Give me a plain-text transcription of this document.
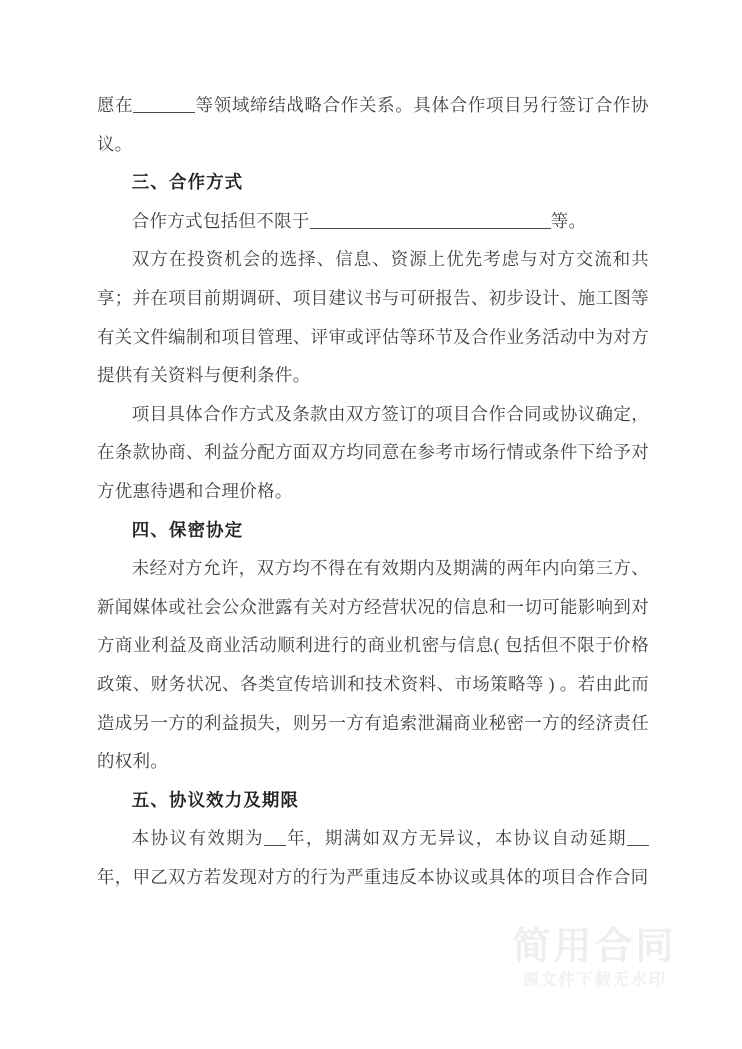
愿在	等领域缔结战略合作关系。具体合作项目另行签订合作协议。

三、合作方式

合作方式包括但不限于	等。

双方在投资机会的选择、信息、资源上优先考虑与对方交流和共享；并在项目前期调研、项目建议书与可研报告、初步设计、施工图等有关文件编制和项目管理、评审或评估等环节及合作业务活动中为对方提供有关资料与便利条件。

项目具体合作方式及条款由双方签订的项目合作合同或协议确定，在条款协商、利益分配方面双方均同意在参考市场行情或条件下给予对方优惠待遇和合理价格。

四、保密协定

未经对方允许，双方均不得在有效期内及期满的两年内向第三方、新闻媒体或社会公众泄露有关对方经营状况的信息和一切可能影响到对方商业利益及商业活动顺利进行的商业机密与信息( 包括但不限于价格政策、财务状况、各类宣传培训和技术资料、市场策略等 ) 。若由此而造成另一方的利益损失，则另一方有追索泄漏商业秘密一方的经济责任的权利。

五、协议效力及期限

本协议有效期为 年，期满如双方无异议，本协议自动延期年，甲乙双方若发现对方的行为严重违反本协议或具体的项目合作合同

简用合同
源文件下载无水印
